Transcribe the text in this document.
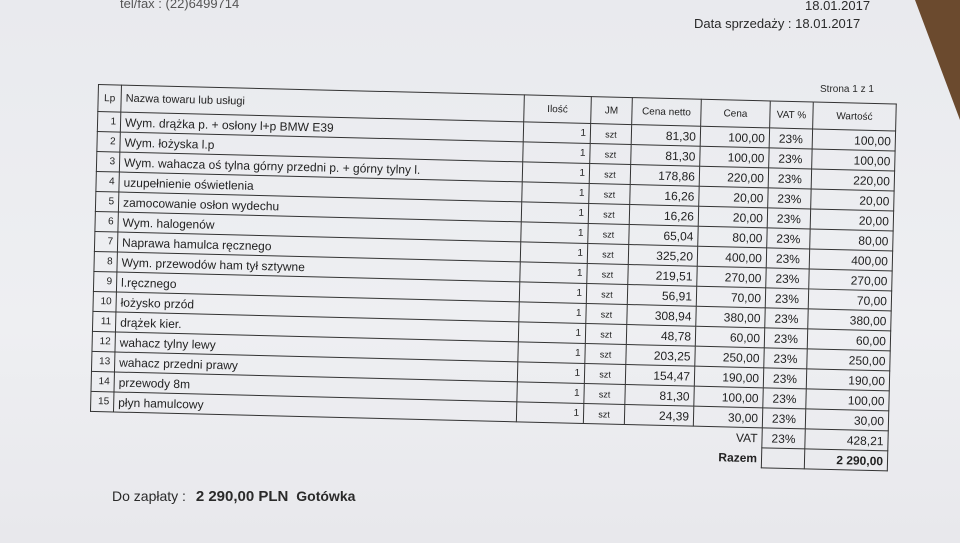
tel/fax : (22)6499714	18.01.2017
Data sprzedaży : 18.01.2017
Strona 1 z 1
Lp	Nazwa towaru lub usługi	Ilość	JM	Cena netto	Cena	VAT %	Wartość
1	Wym. drążka p. + osłony l+p BMW E39	1	szt	81,30	100,00	23%	100,00
2	Wym. łożyska l.p	1	szt	81,30	100,00	23%	100,00
3	Wym. wahacza oś tylna górny przedni p. + górny tylny l.	1	szt	178,86	220,00	23%	220,00
4	uzupełnienie oświetlenia	1	szt	16,26	20,00	23%	20,00
5	zamocowanie osłon wydechu	1	szt	16,26	20,00	23%	20,00
6	Wym. halogenów	1	szt	65,04	80,00	23%	80,00
7	Naprawa hamulca ręcznego	1	szt	325,20	400,00	23%	400,00
8	Wym. przewodów ham tył sztywne	1	szt	219,51	270,00	23%	270,00
9	l.ręcznego	1	szt	56,91	70,00	23%	70,00
10	łożysko przód	1	szt	308,94	380,00	23%	380,00
11	drążek kier.	1	szt	48,78	60,00	23%	60,00
12	wahacz tylny lewy	1	szt	203,25	250,00	23%	250,00
13	wahacz przedni prawy	1	szt	154,47	190,00	23%	190,00
14	przewody 8m	1	szt	81,30	100,00	23%	100,00
15	płyn hamulcowy	1	szt	24,39	30,00	23%	30,00
VAT						23%	428,21
Razem							2 290,00
Do zapłaty : 2 290,00 PLN Gotówka
